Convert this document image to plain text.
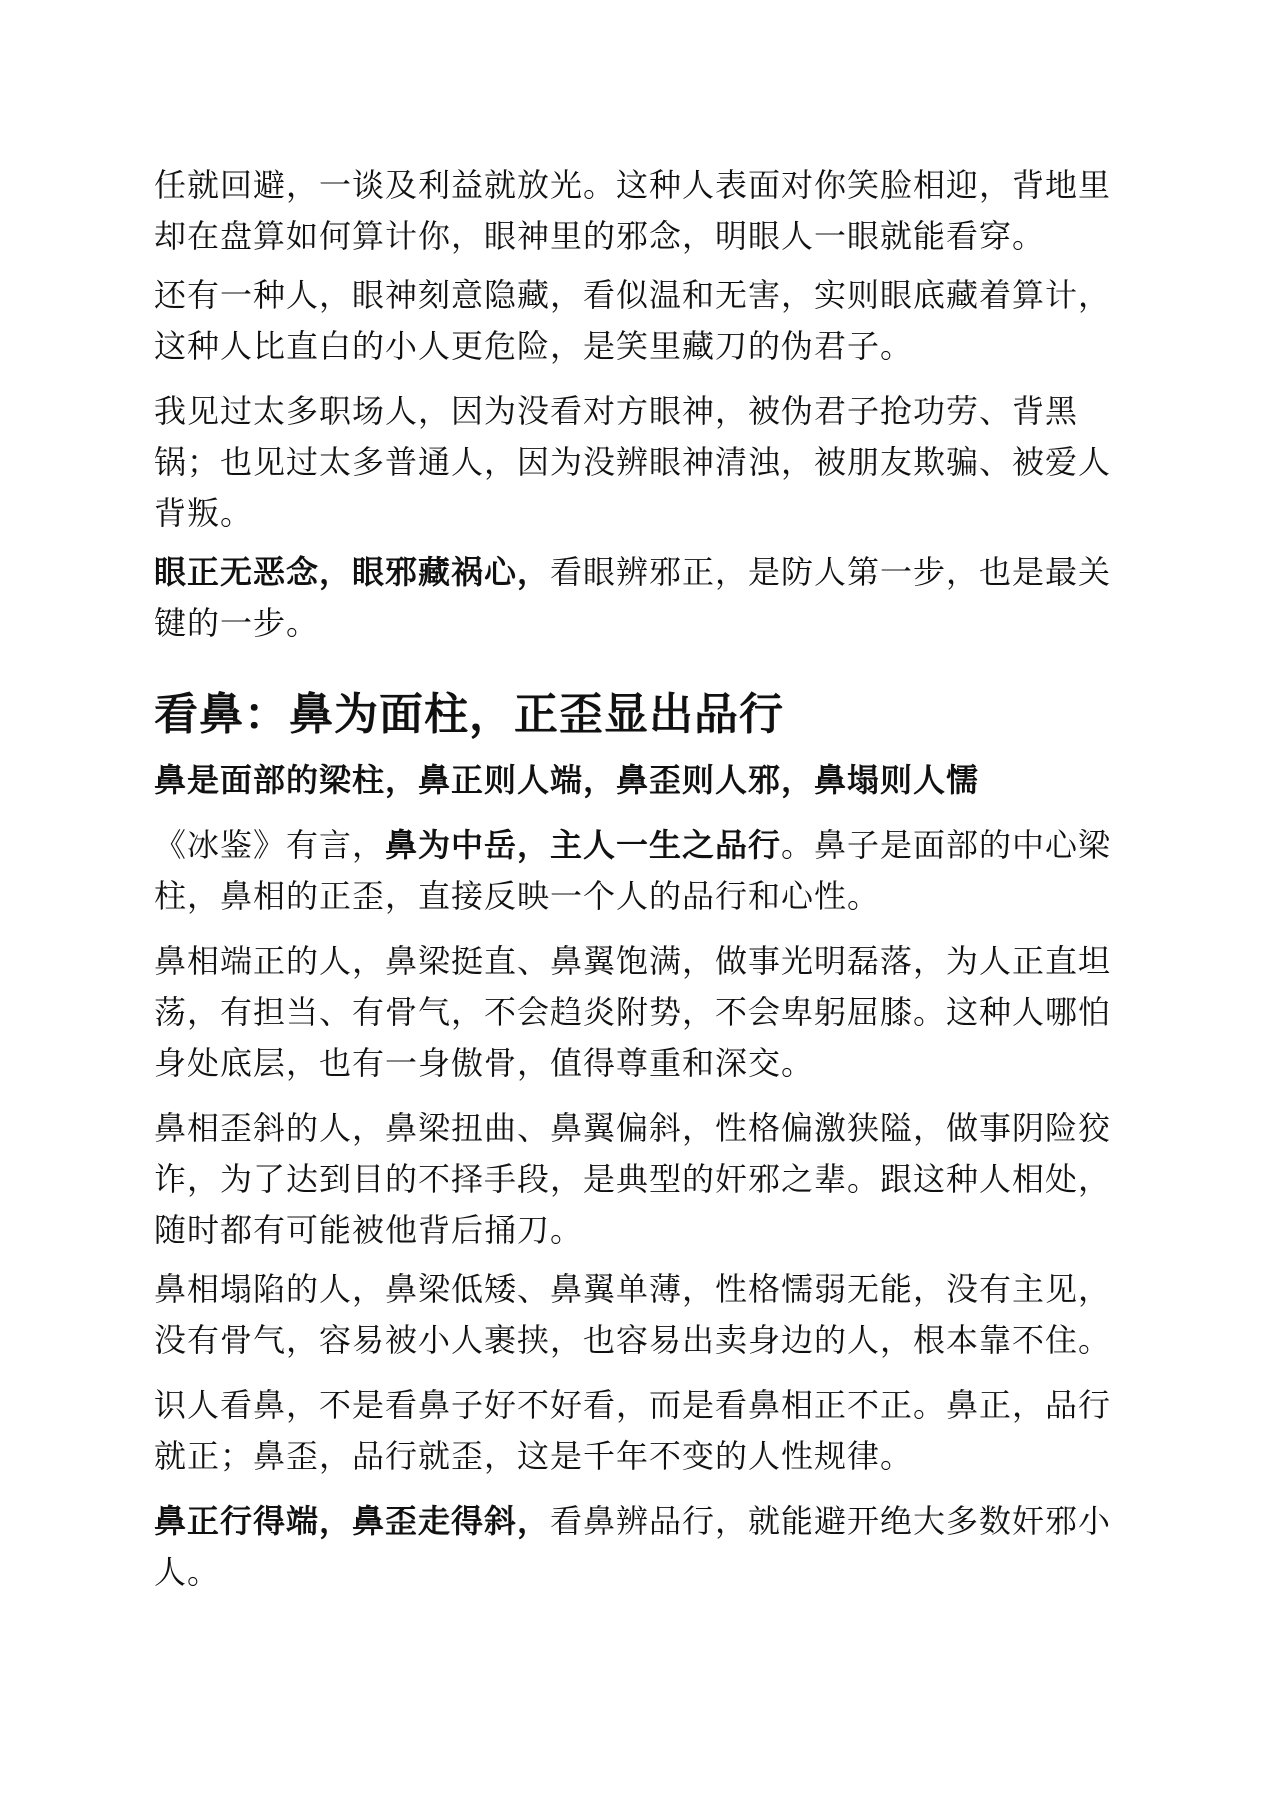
任就回避，一谈及利益就放光。这种人表面对你笑脸相迎，背地里却在盘算如何算计你，眼神里的邪念，明眼人一眼就能看穿。

还有一种人，眼神刻意隐藏，看似温和无害，实则眼底藏着算计，这种人比直白的小人更危险，是笑里藏刀的伪君子。

我见过太多职场人，因为没看对方眼神，被伪君子抢功劳、背黑锅；也见过太多普通人，因为没辨眼神清浊，被朋友欺骗、被爱人背叛。

眼正无恶念，眼邪藏祸心，看眼辨邪正，是防人第一步，也是最关键的一步。

看鼻：鼻为面柱，正歪显出品行

鼻是面部的梁柱，鼻正则人端，鼻歪则人邪，鼻塌则人懦

《冰鉴》有言，鼻为中岳，主人一生之品行。鼻子是面部的中心梁柱，鼻相的正歪，直接反映一个人的品行和心性。

鼻相端正的人，鼻梁挺直、鼻翼饱满，做事光明磊落，为人正直坦荡，有担当、有骨气，不会趋炎附势，不会卑躬屈膝。这种人哪怕身处底层，也有一身傲骨，值得尊重和深交。

鼻相歪斜的人，鼻梁扭曲、鼻翼偏斜，性格偏激狭隘，做事阴险狡诈，为了达到目的不择手段，是典型的奸邪之辈。跟这种人相处，随时都有可能被他背后捅刀。

鼻相塌陷的人，鼻梁低矮、鼻翼单薄，性格懦弱无能，没有主见，没有骨气，容易被小人裹挟，也容易出卖身边的人，根本靠不住。

识人看鼻，不是看鼻子好不好看，而是看鼻相正不正。鼻正，品行就正；鼻歪，品行就歪，这是千年不变的人性规律。

鼻正行得端，鼻歪走得斜，看鼻辨品行，就能避开绝大多数奸邪小人。
